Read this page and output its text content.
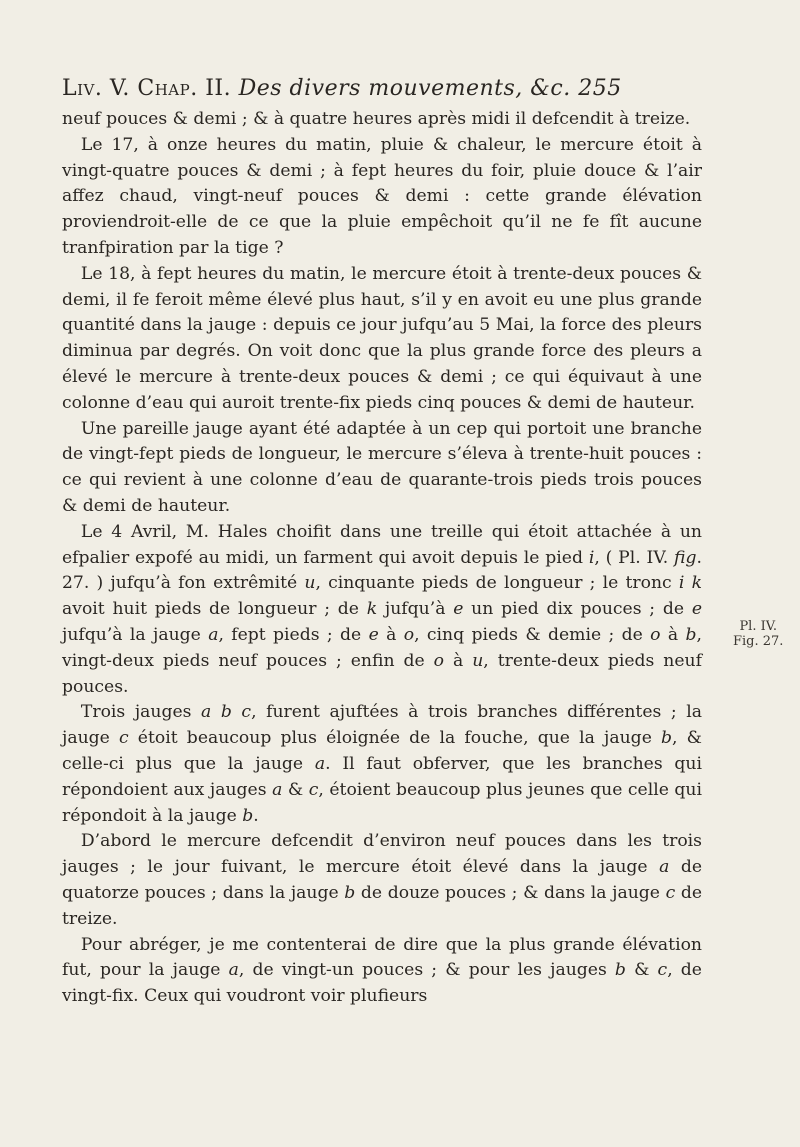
Liv. V. Chap. II. Des divers mouvements, &c. 255

neuf pouces & demi ; & à quatre heures après midi il defcendit à treize.

Le 17, à onze heures du matin, pluie & chaleur, le mercure étoit à vingt-quatre pouces & demi ; à fept heures du foir, pluie douce & l’air affez chaud, vingt-neuf pouces & demi : cette grande élévation proviendroit-elle de ce que la pluie empêchoit qu’il ne fe fît aucune tranfpiration par la tige ?

Le 18, à fept heures du matin, le mercure étoit à trente-deux pouces & demi, il fe feroit même élevé plus haut, s’il y en avoit eu une plus grande quantité dans la jauge : depuis ce jour jufqu’au 5 Mai, la force des pleurs diminua par degrés. On voit donc que la plus grande force des pleurs a élevé le mercure à trente-deux pouces & demi ; ce qui équivaut à une colonne d’eau qui auroit trente-fix pieds cinq pouces & demi de hauteur.

Une pareille jauge ayant été adaptée à un cep qui portoit une branche de vingt-fept pieds de longueur, le mercure s’éleva à trente-huit pouces : ce qui revient à une colonne d’eau de quarante-trois pieds trois pouces & demi de hauteur.

Le 4 Avril, M. Hales choifit dans une treille qui étoit attachée à un efpalier expofé au midi, un farment qui avoit depuis le pied i, ( Pl. IV. fig. 27. ) jufqu’à fon extrêmité u, cinquante pieds de longueur ; le tronc i k avoit huit pieds de longueur ; de k jufqu’à e un pied dix pouces ; de e jufqu’à la jauge a, fept pieds ; de e à o, cinq pieds & demie ; de o à b, vingt-deux pieds neuf pouces ; enfin de o à u, trente-deux pieds neuf pouces.

Trois jauges a b c, furent ajuftées à trois branches différentes ; la jauge c étoit beaucoup plus éloignée de la fouche, que la jauge b, & celle-ci plus que la jauge a. Il faut obferver, que les branches qui répondoient aux jauges a & c, étoient beaucoup plus jeunes que celle qui répondoit à la jauge b.

D’abord le mercure defcendit d’environ neuf pouces dans les trois jauges ; le jour fuivant, le mercure étoit élevé dans la jauge a de quatorze pouces ; dans la jauge b de douze pouces ; & dans la jauge c de treize.

Pour abréger, je me contenterai de dire que la plus grande élévation fut, pour la jauge a, de vingt-un pouces ; & pour les jauges b & c, de vingt-fix. Ceux qui voudront voir plufieurs

Pl. IV.
Fig. 27.
